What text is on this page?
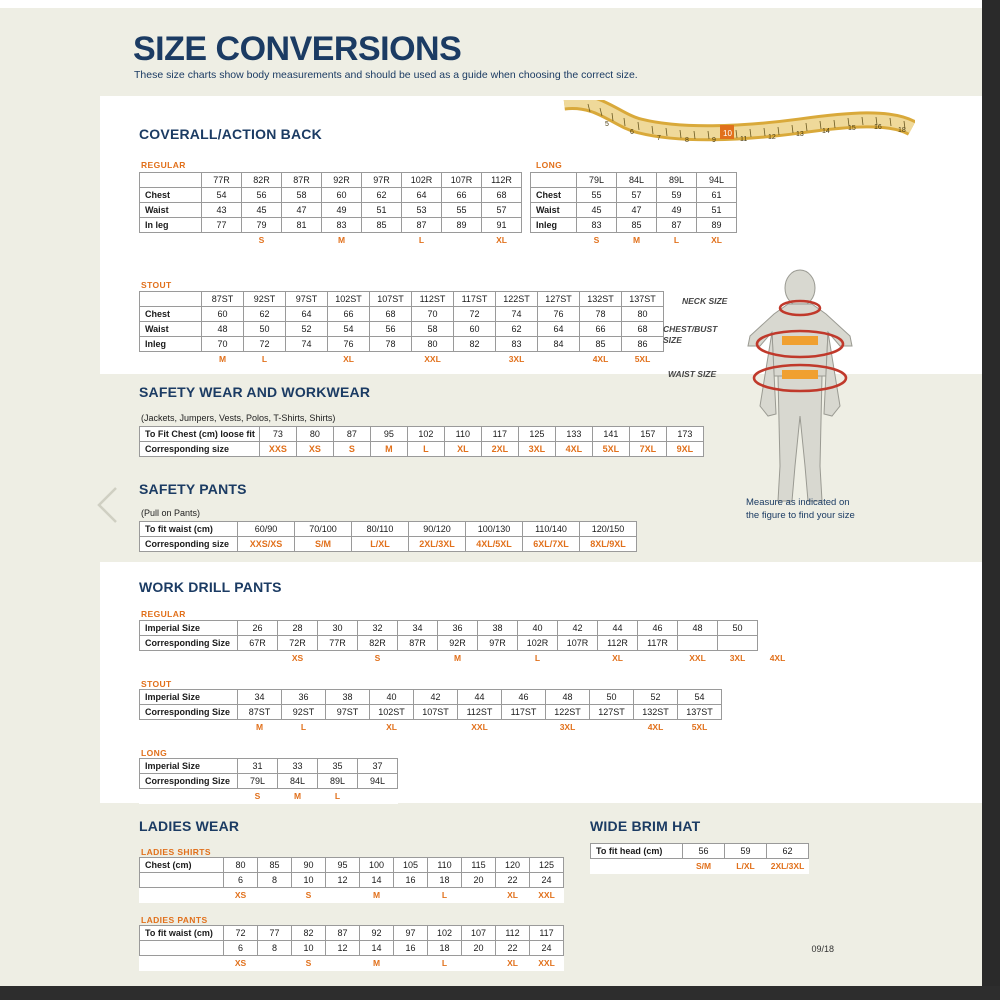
SIZE CONVERSIONS
These size charts show body measurements and should be used as a guide when choosing the correct size.
5
6
7	8	9	11	12	13	14	15	16 18
10
COVERALL/ACTION BACK
REGULAR
	77R	82R	87R	92R	97R	102R	107R	112R	
Chest	54	56	58	60	62	64	66	68	
Waist	43	45	47	49	51	53	55	57	
In leg	77	79	81	83	85	87	89	91	
		S		M		L		XL	
LONG
	79L	84L	89L	94L
Chest	55	57	59	61
Waist	45	47	49	51
Inleg	83	85	87	89
	S	M	L	XL
STOUT
	87ST	92ST	97ST	102ST	107ST	112ST	117ST	122ST	127ST	132ST	137ST
Chest	60	62	64	66	68	70	72	74	76	78	80
Waist	48	50	52	54	56	58	60	62	64	66	68
Inleg	70	72	74	76	78	80	82	83	84	85	86
	M	L		XL		XXL		3XL		4XL	5XL
SAFETY WEAR AND WORKWEAR
(Jackets, Jumpers, Vests, Polos, T-Shirts, Shirts)
To Fit Chest (cm) loose fit	73	80	87	95	102	110	117	125	133	141	157	173
Corresponding size	XXS	XS	S	M	L	XL	2XL	3XL	4XL	5XL	7XL	9XL
SAFETY PANTS
(Pull on Pants)
To fit waist (cm)	60/90	70/100	80/110	90/120	100/130	110/140	120/150
Corresponding size	XXS/XS	S/M	L/XL	2XL/3XL	4XL/5XL	6XL/7XL	8XL/9XL
WORK DRILL PANTS
REGULAR
Imperial Size	26	28	30	32	34	36	38	40	42	44	46	48	50	
Corresponding Size	67R	72R	77R	82R	87R	92R	97R	102R	107R	112R	117R			
		XS		S		M		L		XL		XXL	3XL	4XL
STOUT
Imperial Size	34	36	38	40	42	44	46	48	50	52	54
Corresponding Size	87ST	92ST	97ST	102ST	107ST	112ST	117ST	122ST	127ST	132ST	137ST
	M	L		XL		XXL		3XL		4XL	5XL
LONG
Imperial Size	31	33	35	37
Corresponding Size	79L	84L	89L	94L
	S	M	L	
LADIES WEAR
LADIES SHIRTS
Chest (cm)	80	85	90	95	100	105	110	115	120	125
	6	8	10	12	14	16	18	20	22	24
	XS		S		M		L		XL	XXL
LADIES PANTS
To fit waist (cm)	72	77	82	87	92	97	102	107	112	117
	6	8	10	12	14	16	18	20	22	24
	XS		S		M		L		XL	XXL
WIDE BRIM HAT
To fit head (cm)	56	59	62
	S/M	L/XL	2XL/3XL
NECK SIZE
CHEST/BUST SIZE
WAIST SIZE
Measure as indicated on the figure to find your size
09/18
